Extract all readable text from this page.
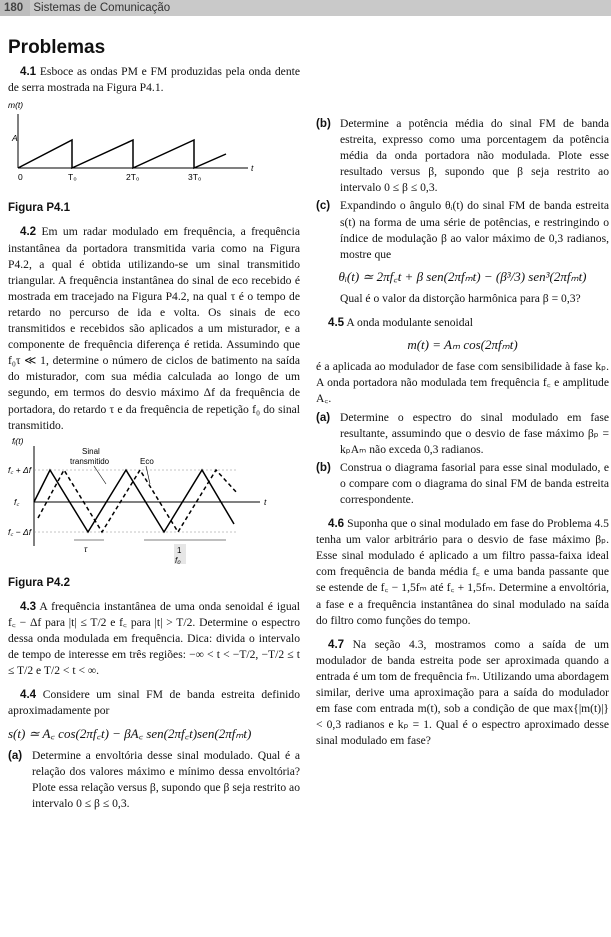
180 Sistemas de Comunicação
Problemas

4.1 Esboce as ondas PM e FM produzidas pela onda dente de serra mostrada na Figura P4.1.

m(t)
A
0	T₀	2T₀	3T₀
t
Figura P4.1

4.2 Em um radar modulado em frequência, a frequência instantânea da portadora transmitida varia como na Figura P4.2, a qual é obtida utilizando-se um sinal transmitido triangular. A frequência instantânea do sinal de eco recebido é mostrada em tracejado na Figura P4.2, na qual τ é o tempo de retardo no percurso de ida e volta. Os sinais de eco transmitidos e recebidos são aplicados a um misturador, e a componente de frequência diferença é retida. Assumindo que f₀τ ≪ 1, determine o número de ciclos de batimento na saída do misturador, com sua média calculada ao longo de um segundo, em termos do desvio máximo Δf da frequência de portadora, do retardo τ e da frequência de repetição f₀ do sinal transmitido.

fᵢ(t)
f꜀ + Δf
f꜀
f꜀ − Δf
Sinal
transmitido	Eco
t
τ	1
f₀
Figura P4.2

4.3 A frequência instantânea de uma onda senoidal é igual f꜀ − Δf para |t| ≤ T/2 e f꜀ para |t| > T/2. Determine o espectro dessa onda modulada em frequência. Dica: divida o intervalo de tempo de interesse em três regiões: −∞ < t < −T/2, −T/2 ≤ t ≤ T/2 e T/2 < t < ∞.

4.4 Considere um sinal FM de banda estreita definido aproximadamente por

s(t) ≃ A꜀ cos(2πf꜀t) − βA꜀ sen(2πf꜀t)sen(2πfₘt)
(a) Determine a envoltória desse sinal modulado. Qual é a relação dos valores máximo e mínimo dessa envoltória? Plote essa relação versus β, supondo que β seja restrito ao intervalo 0 ≤ β ≤ 0,3.
(b) Determine a potência média do sinal FM de banda estreita, expresso como uma porcentagem da potência média da onda portadora não modulada. Plote esse resultado versus β, supondo que β seja restrito ao intervalo 0 ≤ β ≤ 0,3.
(c) Expandindo o ângulo θᵢ(t) do sinal FM de banda estreita s(t) na forma de uma série de potências, e restringindo o índice de modulação β ao valor máximo de 0,3 radianos, mostre que
θᵢ(t) ≃ 2πf꜀t + β sen(2πfₘt) − (β³/3) sen³(2πfₘt)
Qual é o valor da distorção harmônica para β = 0,3?

4.5 A onda modulante senoidal

m(t) = Aₘ cos(2πfₘt)

é a aplicada ao modulador de fase com sensibilidade à fase kₚ. A onda portadora não modulada tem frequência f꜀ e amplitude A꜀.

(a) Determine o espectro do sinal modulado em fase resultante, assumindo que o desvio de fase máximo βₚ = kₚAₘ não exceda 0,3 radianos.
(b) Construa o diagrama fasorial para esse sinal modulado, e o compare com o diagrama do sinal FM de banda estreita correspondente.

4.6 Suponha que o sinal modulado em fase do Problema 4.5 tenha um valor arbitrário para o desvio de fase máximo βₚ. Esse sinal modulado é aplicado a um filtro passa-faixa ideal com frequência de banda média f꜀ e uma banda passante que se estende de f꜀ − 1,5fₘ até f꜀ + 1,5fₘ. Determine a envoltória, a fase e a frequência instantânea do sinal modulado na saída do filtro como funções do tempo.

4.7 Na seção 4.3, mostramos como a saída de um modulador de banda estreita pode ser aproximada quando a entrada é um tom de frequência fₘ. Utilizando uma abordagem similar, derive uma aproximação para a saída do modulador em fase com entrada m(t), sob a condição de que max{|m(t)|} < 0,3 radianos e kₚ = 1. Qual é o espectro aproximado desse sinal modulado em fase?
